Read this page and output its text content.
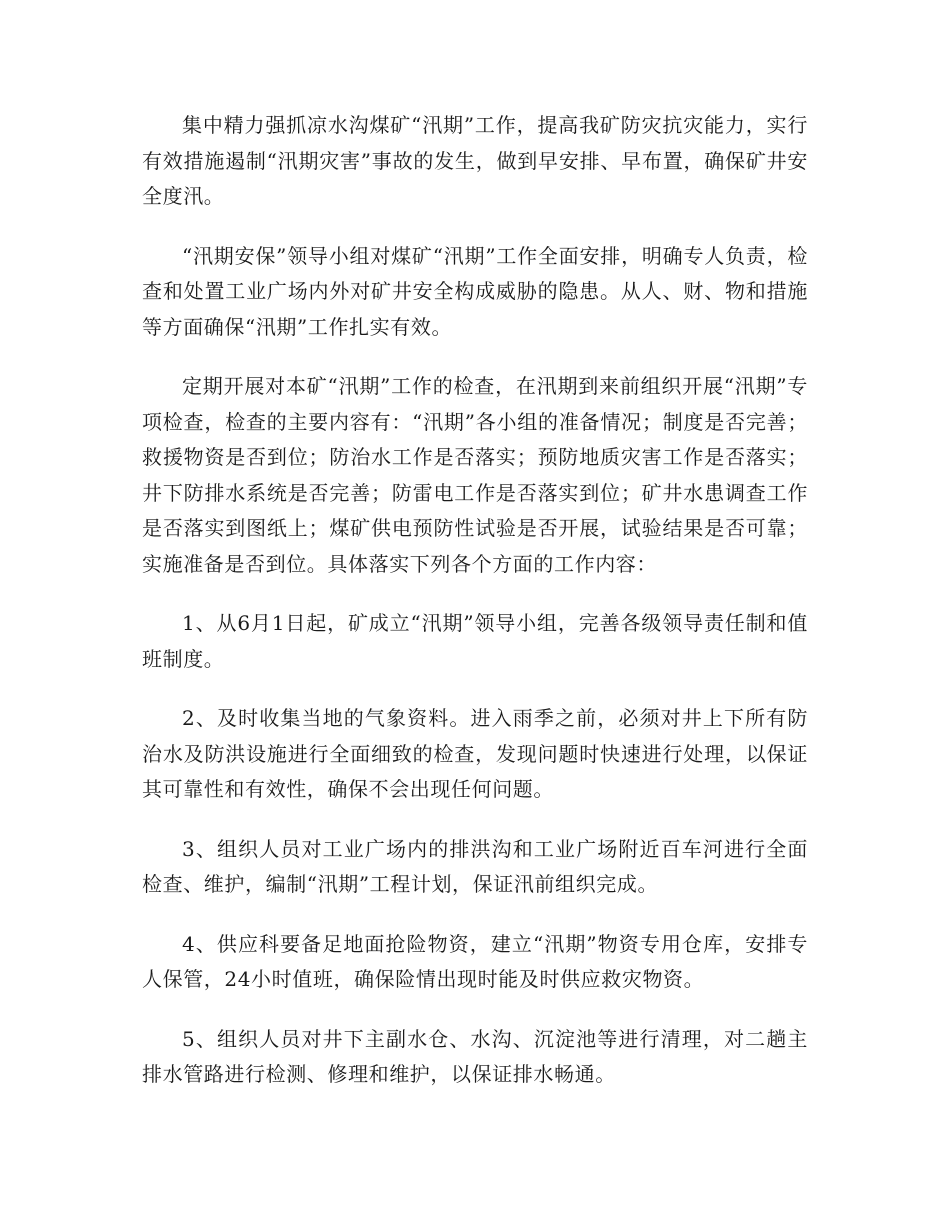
集中精力强抓凉水沟煤矿“汛期”工作，提高我矿防灾抗灾能力，实行有效措施遏制“汛期灾害”事故的发生，做到早安排、早布置，确保矿井安全度汛。

“汛期安保”领导小组对煤矿“汛期”工作全面安排，明确专人负责，检查和处置工业广场内外对矿井安全构成威胁的隐患。从人、财、物和措施等方面确保“汛期”工作扎实有效。

定期开展对本矿“汛期”工作的检查，在汛期到来前组织开展“汛期”专项检查，检查的主要内容有：“汛期”各小组的准备情况；制度是否完善；救援物资是否到位；防治水工作是否落实；预防地质灾害工作是否落实；井下防排水系统是否完善；防雷电工作是否落实到位；矿井水患调查工作是否落实到图纸上；煤矿供电预防性试验是否开展，试验结果是否可靠；实施准备是否到位。具体落实下列各个方面的工作内容：

1、从6月1日起，矿成立“汛期”领导小组，完善各级领导责任制和值班制度。

2、及时收集当地的气象资料。进入雨季之前，必须对井上下所有防治水及防洪设施进行全面细致的检查，发现问题时快速进行处理，以保证其可靠性和有效性，确保不会出现任何问题。

3、组织人员对工业广场内的排洪沟和工业广场附近百车河进行全面检查、维护，编制“汛期”工程计划，保证汛前组织完成。

4、供应科要备足地面抢险物资，建立“汛期”物资专用仓库，安排专人保管，24小时值班，确保险情出现时能及时供应救灾物资。

5、组织人员对井下主副水仓、水沟、沉淀池等进行清理，对二趟主排水管路进行检测、修理和维护，以保证排水畅通。
